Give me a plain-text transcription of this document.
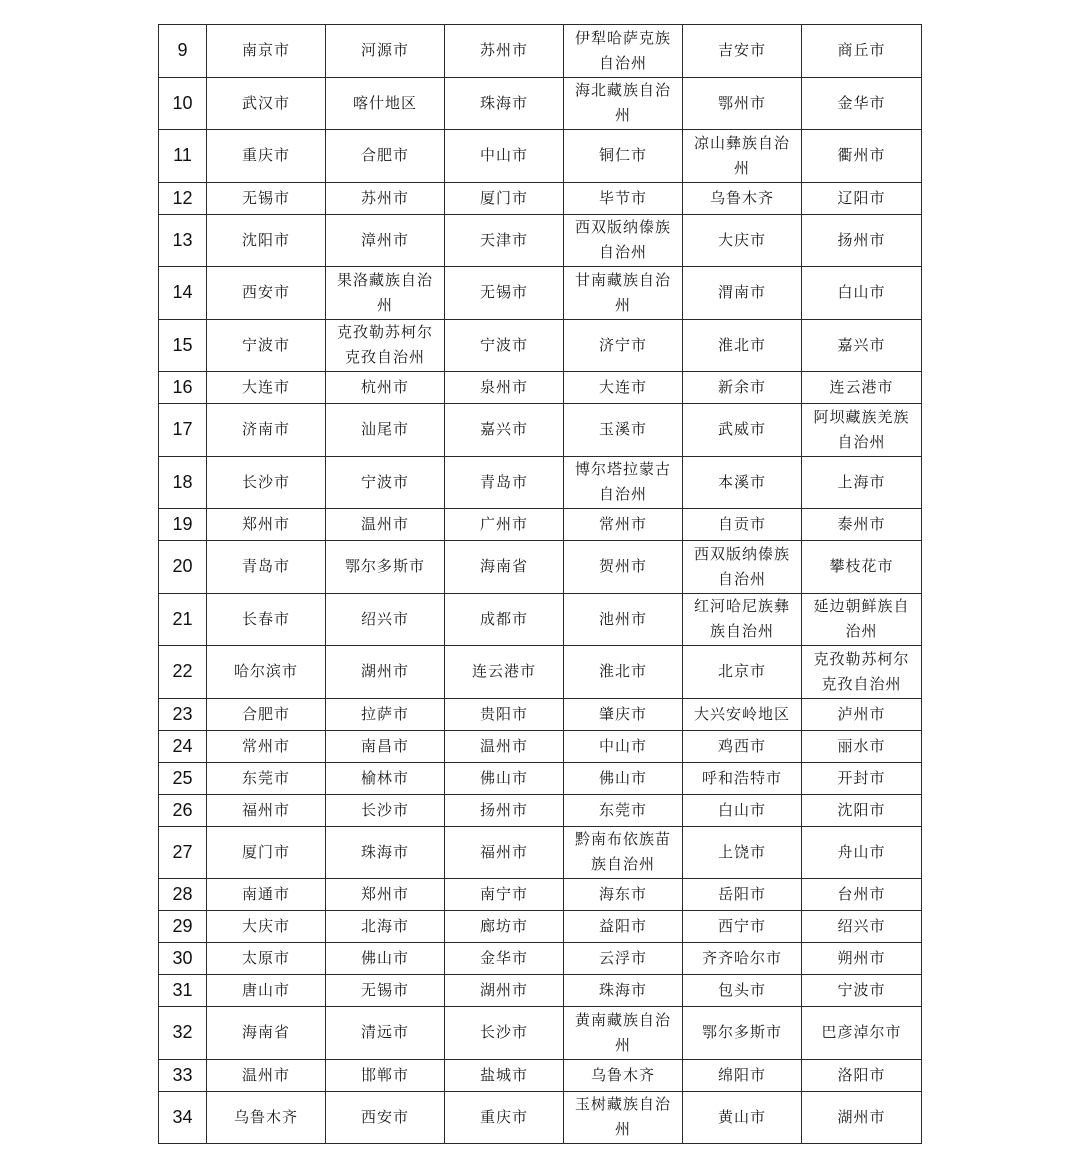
9	南京市	河源市	苏州市	伊犁哈萨克族自治州	吉安市	商丘市
10	武汉市	喀什地区	珠海市	海北藏族自治州	鄂州市	金华市
11	重庆市	合肥市	中山市	铜仁市	凉山彝族自治州	衢州市
12	无锡市	苏州市	厦门市	毕节市	乌鲁木齐	辽阳市
13	沈阳市	漳州市	天津市	西双版纳傣族自治州	大庆市	扬州市
14	西安市	果洛藏族自治州	无锡市	甘南藏族自治州	渭南市	白山市
15	宁波市	克孜勒苏柯尔克孜自治州	宁波市	济宁市	淮北市	嘉兴市
16	大连市	杭州市	泉州市	大连市	新余市	连云港市
17	济南市	汕尾市	嘉兴市	玉溪市	武威市	阿坝藏族羌族自治州
18	长沙市	宁波市	青岛市	博尔塔拉蒙古自治州	本溪市	上海市
19	郑州市	温州市	广州市	常州市	自贡市	泰州市
20	青岛市	鄂尔多斯市	海南省	贺州市	西双版纳傣族自治州	攀枝花市
21	长春市	绍兴市	成都市	池州市	红河哈尼族彝族自治州	延边朝鲜族自治州
22	哈尔滨市	湖州市	连云港市	淮北市	北京市	克孜勒苏柯尔克孜自治州
23	合肥市	拉萨市	贵阳市	肇庆市	大兴安岭地区	泸州市
24	常州市	南昌市	温州市	中山市	鸡西市	丽水市
25	东莞市	榆林市	佛山市	佛山市	呼和浩特市	开封市
26	福州市	长沙市	扬州市	东莞市	白山市	沈阳市
27	厦门市	珠海市	福州市	黔南布依族苗族自治州	上饶市	舟山市
28	南通市	郑州市	南宁市	海东市	岳阳市	台州市
29	大庆市	北海市	廊坊市	益阳市	西宁市	绍兴市
30	太原市	佛山市	金华市	云浮市	齐齐哈尔市	朔州市
31	唐山市	无锡市	湖州市	珠海市	包头市	宁波市
32	海南省	清远市	长沙市	黄南藏族自治州	鄂尔多斯市	巴彦淖尔市
33	温州市	邯郸市	盐城市	乌鲁木齐	绵阳市	洛阳市
34	乌鲁木齐	西安市	重庆市	玉树藏族自治州	黄山市	湖州市
